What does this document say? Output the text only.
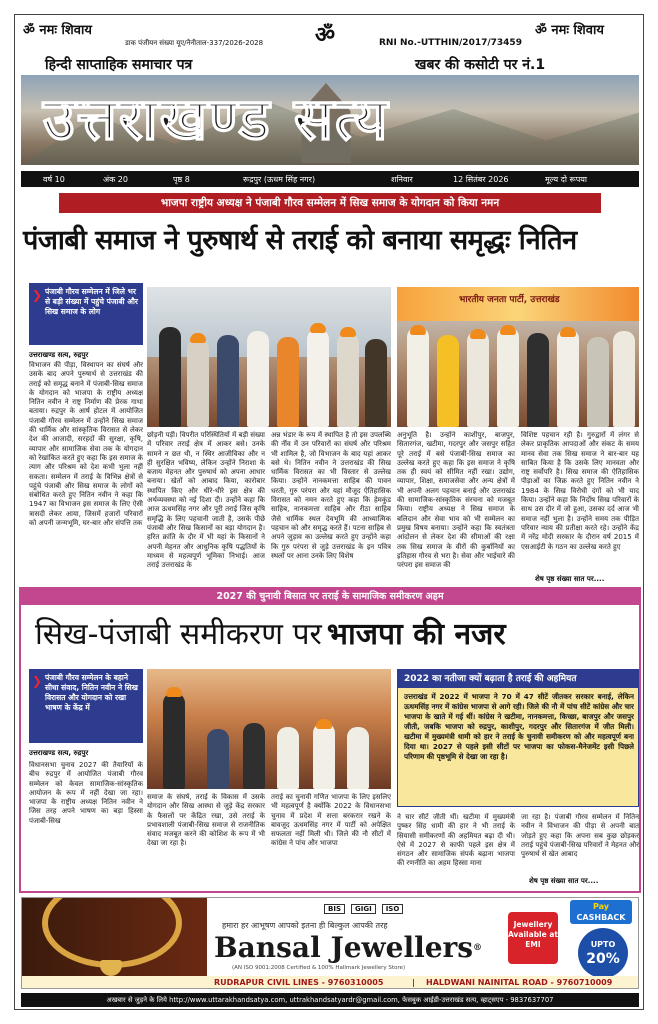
ॐ नमः शिवाय	ॐ	ॐ नमः शिवाय
डाक पंजीयन संख्या यूए/नैनीताल-337/2026-2028	RNI No.-UTTHIN/2017/73459
हिन्दी साप्ताहिक समाचार पत्र	खबर की कसोटी पर नं.1
उत्तराखण्ड सत्य
वर्ष 10	अंक 20	पृष्ठ 8	रूद्रपुर (ऊधम सिंह नगर)	शनिवार	12 सितंबर 2026	मूल्य दो रूपया
भाजपा राष्ट्रीय अध्यक्ष ने पंजाबी गौरव सम्मेलन में सिख समाज के योगदान को किया नमन
पंजाबी समाज ने पुरुषार्थ से तराई को बनाया समृद्धः नितिन
❯ पंजाबी गौरव सम्मेलन में जिले भर से बड़ी संख्या में पहुंचे पंजाबी और सिख समाज के लोग
उत्तराखण्ड सत्य, रुद्रपुर
भारतीय जनता पार्टी, उत्तराखंड
विभाजन की पीड़ा, विस्थापन का संघर्ष और उसके बाद अपने पुरुषार्थ से उत्तराखंड की तराई को समृद्ध बनाने में पंजाबी-सिख समाज के योगदान को भाजपा के राष्ट्रीय अध्यक्ष नितिन नवीन ने राष्ट्र निर्माण की प्रेरक गाथा बताया। रुद्रपुर के आर्ष होटल में आयोजित पंजाबी गौरव सम्मेलन में उन्होंने सिख समाज की धार्मिक और सांस्कृतिक विरासत से लेकर देश की आजादी, सरहदों की सुरक्षा, कृषि, व्यापार और सामाजिक सेवा तक के योगदान को रेखांकित करते हुए कहा कि इस समाज के त्याग और परिश्रम को देश कभी भुला नहीं सकता। सम्मेलन में तराई के विभिन्न क्षेत्रों से पहुंचे पंजाबी और सिख समाज के लोगों को संबोधित करते हुए नितिन नवीन ने कहा कि 1947 का विभाजन इस समाज के लिए ऐसी त्रासदी लेकर आया, जिसमें हजारों परिवारों को अपनी जन्मभूमि, घर-बार और संपत्ति तक
छोड़नी पड़ी। विपरीत परिस्थितियों में बड़ी संख्या में परिवार तराई क्षेत्र में आकर बसे। उनके सामने न छत थी, न स्थिर आजीविका और न ही सुरक्षित भविष्य, लेकिन उन्होंने निराशा के बजाय मेहनत और पुरुषार्थ को अपना आधार बनाया। खेतों को आबाद किया, कारोबार स्थापित किए और धीरे-धीरे इस क्षेत्र की अर्थव्यवस्था को नई दिशा दी। उन्होंने कहा कि आज ऊधमसिंह नगर और पूरी तराई जिस कृषि समृद्धि के लिए पहचानी जाती है, उसके पीछे पंजाबी और सिख किसानों का बड़ा योगदान है। हरित क्रांति के दौर में भी यहां के किसानों ने अपनी मेहनत और आधुनिक कृषि पद्धतियों के माध्यम से महत्वपूर्ण भूमिका निभाई। आज तराई उत्तराखंड के
अन्न भंडार के रूप में स्थापित है तो इस उपलब्धि की नींव में उन परिवारों का संघर्ष और परिश्रम भी शामिल है, जो विभाजन के बाद यहां आकर बसे थे। नितिन नवीन ने उत्तराखंड की सिख धार्मिक विरासत का भी विस्तार से उल्लेख किया। उन्होंने नानकमत्ता साहिब की पावन धरती, गुरु परंपरा और यहां मौजूद ऐतिहासिक विरासत को नमन करते हुए कहा कि हेमकुंड साहिब, नानकमत्ता साहिब और रीठा साहिब जैसे धार्मिक स्थल देवभूमि की आध्यात्मिक पहचान को और समृद्ध करते हैं। पटना साहिब से अपने जुड़ाव का उल्लेख करते हुए उन्होंने कहा कि गुरु परंपरा से जुड़े उत्तराखंड के इन पवित्र स्थलों पर आना उनके लिए विशेष
अनुभूति है। उन्होंने काशीपुर, बाजपुर, सितारगंज, खटीमा, गदरपुर और जसपुर सहित पूरे तराई में बसे पंजाबी-सिख समाज का उल्लेख करते हुए कहा कि इस समाज ने कृषि तक ही स्वयं को सीमित नहीं रखा। उद्योग, व्यापार, शिक्षा, समाजसेवा और अन्य क्षेत्रों में भी अपनी अलग पहचान बनाई और उत्तराखंड की सामाजिक-सांस्कृतिक संरचना को मजबूत किया। राष्ट्रीय अध्यक्ष ने सिख समाज के बलिदान और सेवा भाव को भी सम्मेलन का प्रमुख विषय बनाया। उन्होंने कहा कि स्वतंत्रता आंदोलन से लेकर देश की सीमाओं की रक्षा तक सिख समाज के वीरों की कुर्बानियों का इतिहास गौरव से भरा है। सेवा और भाईचारे की परंपरा इस समाज की
विशिष्ट पहचान रही है। गुरुद्वारों में लंगर से लेकर प्राकृतिक आपदाओं और संकट के समय मानव सेवा तक सिख समाज ने बार-बार यह साबित किया है कि उसके लिए मानवता और राष्ट्र सर्वोपरि है। सिख समाज की ऐतिहासिक पीड़ाओं का जिक्र करते हुए नितिन नवीन ने 1984 के सिख विरोधी दंगों को भी याद किया। उन्होंने कहा कि निर्दोष सिख परिवारों के साथ उस दौर में जो हुआ, उसका दर्द आज भी समाज नहीं भुला है। उन्होंने समय तक पीड़ित परिवार न्याय की प्रतीक्षा करते रहे। उन्होंने केंद्र में नरेंद्र मोदी सरकार के दौरान वर्ष 2015 में एसआईटी के गठन का उल्लेख करते हुए
शेष पृष्ठ संख्या सात पर....
2027 की चुनावी बिसात पर तराई के सामाजिक समीकरण अहम
सिख-पंजाबी समीकरण पर भाजपा की नजर
❯ पंजाबी गौरव सम्मेलन के बहाने सीधा संवाद, नितिन नवीन ने सिख विरासत और योगदान को रखा भाषण के केंद्र में
उत्तराखण्ड सत्य, रुद्रपुर
विधानसभा चुनाव 2027 की तैयारियों के बीच रुद्रपुर में आयोजित पंजाबी गौरव सम्मेलन को केवल सामाजिक-सांस्कृतिक आयोजन के रूप में नहीं देखा जा रहा। भाजपा के राष्ट्रीय अध्यक्ष नितिन नवीन ने जिस तरह अपने भाषण का बड़ा हिस्सा पंजाबी-सिख
समाज के संघर्ष, तराई के विकास में उसके योगदान और सिख आस्था से जुड़े केंद्र सरकार के फैसलों पर केंद्रित रखा, उसे तराई के प्रभावशाली पंजाबी-सिख समाज से राजनीतिक संवाद मजबूत करने की कोशिश के रूप में भी देखा जा रहा है।
तराई का चुनावी गणित भाजपा के लिए इसलिए भी महत्वपूर्ण है क्योंकि 2022 के विधानसभा चुनाव में प्रदेश में सत्ता बरकरार रखने के बावजूद ऊधमसिंह नगर में पार्टी को अपेक्षित सफलता नहीं मिली थी। जिले की नौ सीटों में कांग्रेस ने पांच और भाजपा
2022 का नतीजा क्यों बढ़ाता है तराई की अहमियत
उत्तराखंड में 2022 में भाजपा ने 70 में 47 सीटें जीतकर सरकार बनाई, लेकिन ऊधमसिंह नगर में कांग्रेस भाजपा से आगे रही। जिले की नौ में पांच सीटें कांग्रेस और चार भाजपा के खाते में गई थीं। कांग्रेस ने खटीमा, नानकमत्ता, किच्छा, बाजपुर और जसपुर जीती, जबकि भाजपा को रुद्रपुर, काशीपुर, गदरपुर और सितारगंज में जीत मिली। खटीमा में मुख्यमंत्री धामी को हार ने तराई के चुनावी समीकरण को और महत्वपूर्ण बना दिया था। 2027 से पहले इसी सीटों पर भाजपा का फोकस-मैनेजमेंट इसी पिछले परिणाम की पृष्ठभूमि से देखा जा रहा है।
ने चार सीटें जीती थीं। खटीमा में मुख्यमंत्री पुष्कर सिंह धामी की हार ने भी तराई के सियासी समीकरणों की अहमियत बढ़ा दी थी। ऐसे में 2027 से काफी पहले इस क्षेत्र में संगठन और सामाजिक संपर्क बढ़ाना भाजपा की रणनीति का अहम हिस्सा माना
जा रहा है। पंजाबी गौरव सम्मेलन में नितिन नवीन ने विभाजन की पीड़ा से अपनी बात जोड़ते हुए कहा कि अपना सब कुछ छोड़कर तराई पहुंचे पंजाबी-सिख परिवारों ने मेहनत और पुरुषार्थ से खेत आबाद
शेष पृष्ठ संख्या सात पर....
BIS	GIGI	ISO
हमारा हर आभूषण आपको इतना ही बिल्कुल आपकी तरह
Bansal Jewellers®
(AN ISO 9001:2008 Certified & 100% Hallmark Jewellery Store)
Jewellery Available at EMI
Pay
CASHBACK
UPTO
20%
RUDRAPUR CIVIL LINES - 9760310005	| HALDWANI NAINITAL ROAD - 9760710009
अखबार से जुड़ने के लिये http://www.uttarakhandsatya.com, uttrakhandsatyardr@gmail.com, फेसबुक आईडी-उत्तराखंड सत्य, व्हाट्सएप - 9837637707
